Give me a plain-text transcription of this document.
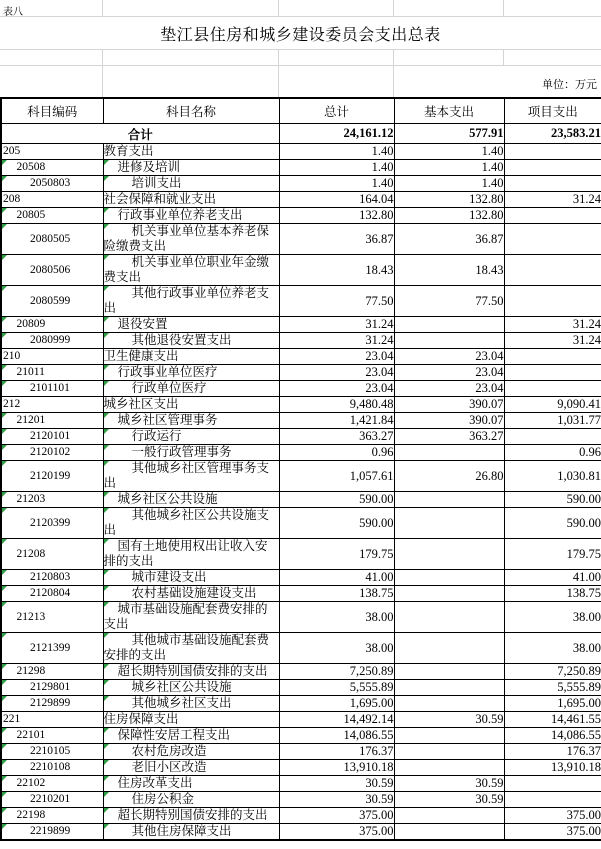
表八
垫江县住房和城乡建设委员会支出总表
单位：万元
科目编码	科目名称	总计	基本支出	项目支出
合计		24,161.12	577.91	23,583.21
205	教育支出	1.40	1.40	

20508	进修及培训	1.40	1.40	

2050803	培训支出	1.40	1.40	
208	社会保障和就业支出	164.04	132.80	31.24

20805	行政事业单位养老支出	132.80	132.80	

2080505	机关事业单位基本养老保险缴费支出	36.87	36.87	

2080506	机关事业单位职业年金缴费支出	18.43	18.43	

2080599	其他行政事业单位养老支出	77.50	77.50	

20809	退役安置	31.24		31.24

2080999	其他退役安置支出	31.24		31.24
210	卫生健康支出	23.04	23.04	

21011	行政事业单位医疗	23.04	23.04	

2101101	行政单位医疗	23.04	23.04	
212	城乡社区支出	9,480.48	390.07	9,090.41

21201	城乡社区管理事务	1,421.84	390.07	1,031.77

2120101	行政运行	363.27	363.27	

2120102	一般行政管理事务	0.96		0.96

2120199	其他城乡社区管理事务支出	1,057.61	26.80	1,030.81

21203	城乡社区公共设施	590.00		590.00

2120399	其他城乡社区公共设施支出	590.00		590.00

21208	国有土地使用权出让收入安排的支出	179.75		179.75

2120803	城市建设支出	41.00		41.00

2120804	农村基础设施建设支出	138.75		138.75

21213	城市基础设施配套费安排的支出	38.00		38.00

2121399	其他城市基础设施配套费安排的支出	38.00		38.00

21298	超长期特别国债安排的支出	7,250.89		7,250.89

2129801	城乡社区公共设施	5,555.89		5,555.89

2129899	其他城乡社区支出	1,695.00		1,695.00
221	住房保障支出	14,492.14	30.59	14,461.55

22101	保障性安居工程支出	14,086.55		14,086.55

2210105	农村危房改造	176.37		176.37

2210108	老旧小区改造	13,910.18		13,910.18

22102	住房改革支出	30.59	30.59	

2210201	住房公积金	30.59	30.59	

22198	超长期特别国债安排的支出	375.00		375.00

2219899	其他住房保障支出	375.00		375.00
